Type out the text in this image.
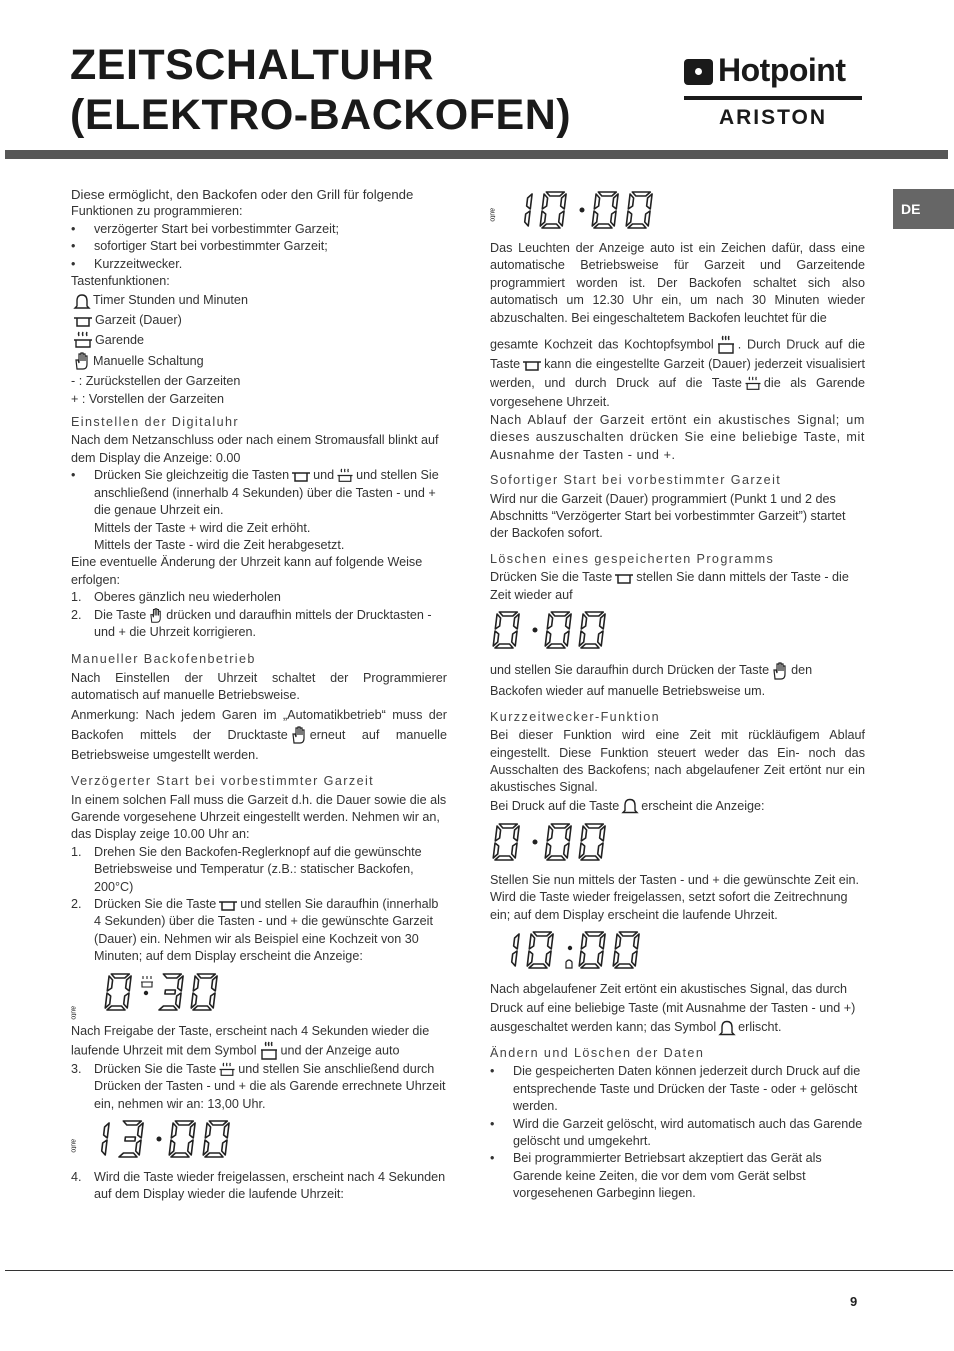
ZEITSCHALTUHR
(ELEKTRO-BACKOFEN)
Hotpoint
ARISTON
DE

Diese ermöglicht, den Backofen oder den Grill für folgende

Funktionen zu programmieren:

• verzögerter Start bei vorbestimmter Garzeit;

• sofortiger Start bei vorbestimmter Garzeit;

• Kurzzeitwecker.

Tastenfunktionen:

Timer Stunden und Minuten
Garzeit (Dauer)
Garende
Manuelle Schaltung

- : Zurückstellen der Garzeiten

+ : Vorstellen der Garzeiten

Einstellen der Digitaluhr

Nach dem Netzanschluss oder nach einem Stromausfall blinkt auf dem Display die Anzeige: 0.00

• Drücken Sie gleichzeitig die Tasten und und stellen Sie anschließend (innerhalb 4 Sekunden) über die Tasten - und + die genaue Uhrzeit ein.
Mittels der Taste + wird die Zeit erhöht.
Mittels der Taste - wird die Zeit herabgesetzt.

Eine eventuelle Änderung der Uhrzeit kann auf folgende Weise erfolgen:

1. Oberes gänzlich neu wiederholen

2. Die Taste drücken und daraufhin mittels der Drucktasten - und + die Uhrzeit korrigieren.

Manueller Backofenbetrieb

Nach Einstellen der Uhrzeit schaltet der Programmierer automatisch auf manuelle Betriebsweise.

Anmerkung: Nach jedem Garen im „Automatikbetrieb“ muss der Backofen mittels der Drucktaste erneut auf manuelle Betriebsweise umgestellt werden.

Verzögerter Start bei vorbestimmter Garzeit

In einem solchen Fall muss die Garzeit d.h. die Dauer sowie die als Garende vorgesehene Uhrzeit eingestellt werden. Nehmen wir an, das Display zeige 10.00 Uhr an:

1. Drehen Sie den Backofen-Reglerknopf auf die gewünschte Betriebsweise und Temperatur (z.B.: statischer Backofen, 200°C)

2. Drücken Sie die Taste und stellen Sie daraufhin (innerhalb 4 Sekunden) über die Tasten - und + die gewünschte Garzeit (Dauer) ein. Nehmen wir als Beispiel eine Kochzeit von 30 Minuten; auf dem Display erscheint die Anzeige:
auto

Nach Freigabe der Taste, erscheint nach 4 Sekunden wieder die laufende Uhrzeit mit dem Symbol und der Anzeige auto

3. Drücken Sie die Taste und stellen Sie anschließend durch Drücken der Tasten - und + die als Garende errechnete Uhrzeit ein, nehmen wir an: 13,00 Uhr.
auto

4. Wird die Taste wieder freigelassen, erscheint nach 4 Sekunden auf dem Display wieder die laufende Uhrzeit:

auto

Das Leuchten der Anzeige auto ist ein Zeichen dafür, dass eine automatische Betriebsweise für Garzeit und Garzeitende programmiert worden ist. Der Backofen schaltet sich also automatisch um 12.30 Uhr ein, um nach 30 Minuten wieder abzuschalten. Bei eingeschaltetem Backofen leuchtet für die

gesamte Kochzeit das Kochtopfsymbol . Durch Druck auf die Taste kann die eingestellte Garzeit (Dauer) jederzeit visualisiert werden, und durch Druck auf die Taste die als Garende vorgesehene Uhrzeit.

Nach Ablauf der Garzeit ertönt ein akustisches Signal; um dieses auszuschalten drücken Sie eine beliebige Taste, mit Ausnahme der Tasten - und +.

Sofortiger Start bei vorbestimmter Garzeit

Wird nur die Garzeit (Dauer) programmiert (Punkt 1 und 2 des Abschnitts “Verzögerter Start bei vorbestimmter Garzeit”) startet der Backofen sofort.

Löschen eines gespeicherten Programms

Drücken Sie die Taste stellen Sie dann mittels der Taste - die Zeit wieder auf

und stellen Sie daraufhin durch Drücken der Taste den Backofen wieder auf manuelle Betriebsweise um.

Kurzzeitwecker-Funktion

Bei dieser Funktion wird eine Zeit mit rückläufigem Ablauf eingestellt. Diese Funktion steuert weder das Ein- noch das Ausschalten des Backofens; nach abgelaufener Zeit ertönt nur ein akustisches Signal.

Bei Druck auf die Taste erscheint die Anzeige:

Stellen Sie nun mittels der Tasten - und + die gewünschte Zeit ein.

Wird die Taste wieder freigelassen, setzt sofort die Zeitrechnung ein; auf dem Display erscheint die laufende Uhrzeit.

Nach abgelaufener Zeit ertönt ein akustisches Signal, das durch Druck auf eine beliebige Taste (mit Ausnahme der Tasten - und +) ausgeschaltet werden kann; das Symbol erlischt.

Ändern und Löschen der Daten

• Die gespeicherten Daten können jederzeit durch Druck auf die entsprechende Taste und Drücken der Taste - oder + gelöscht werden.

• Wird die Garzeit gelöscht, wird automatisch auch das Garende gelöscht und umgekehrt.

• Bei programmierter Betriebsart akzeptiert das Gerät als Garende keine Zeiten, die vor dem vom Gerät selbst vorgesehenen Garbeginn liegen.

9
